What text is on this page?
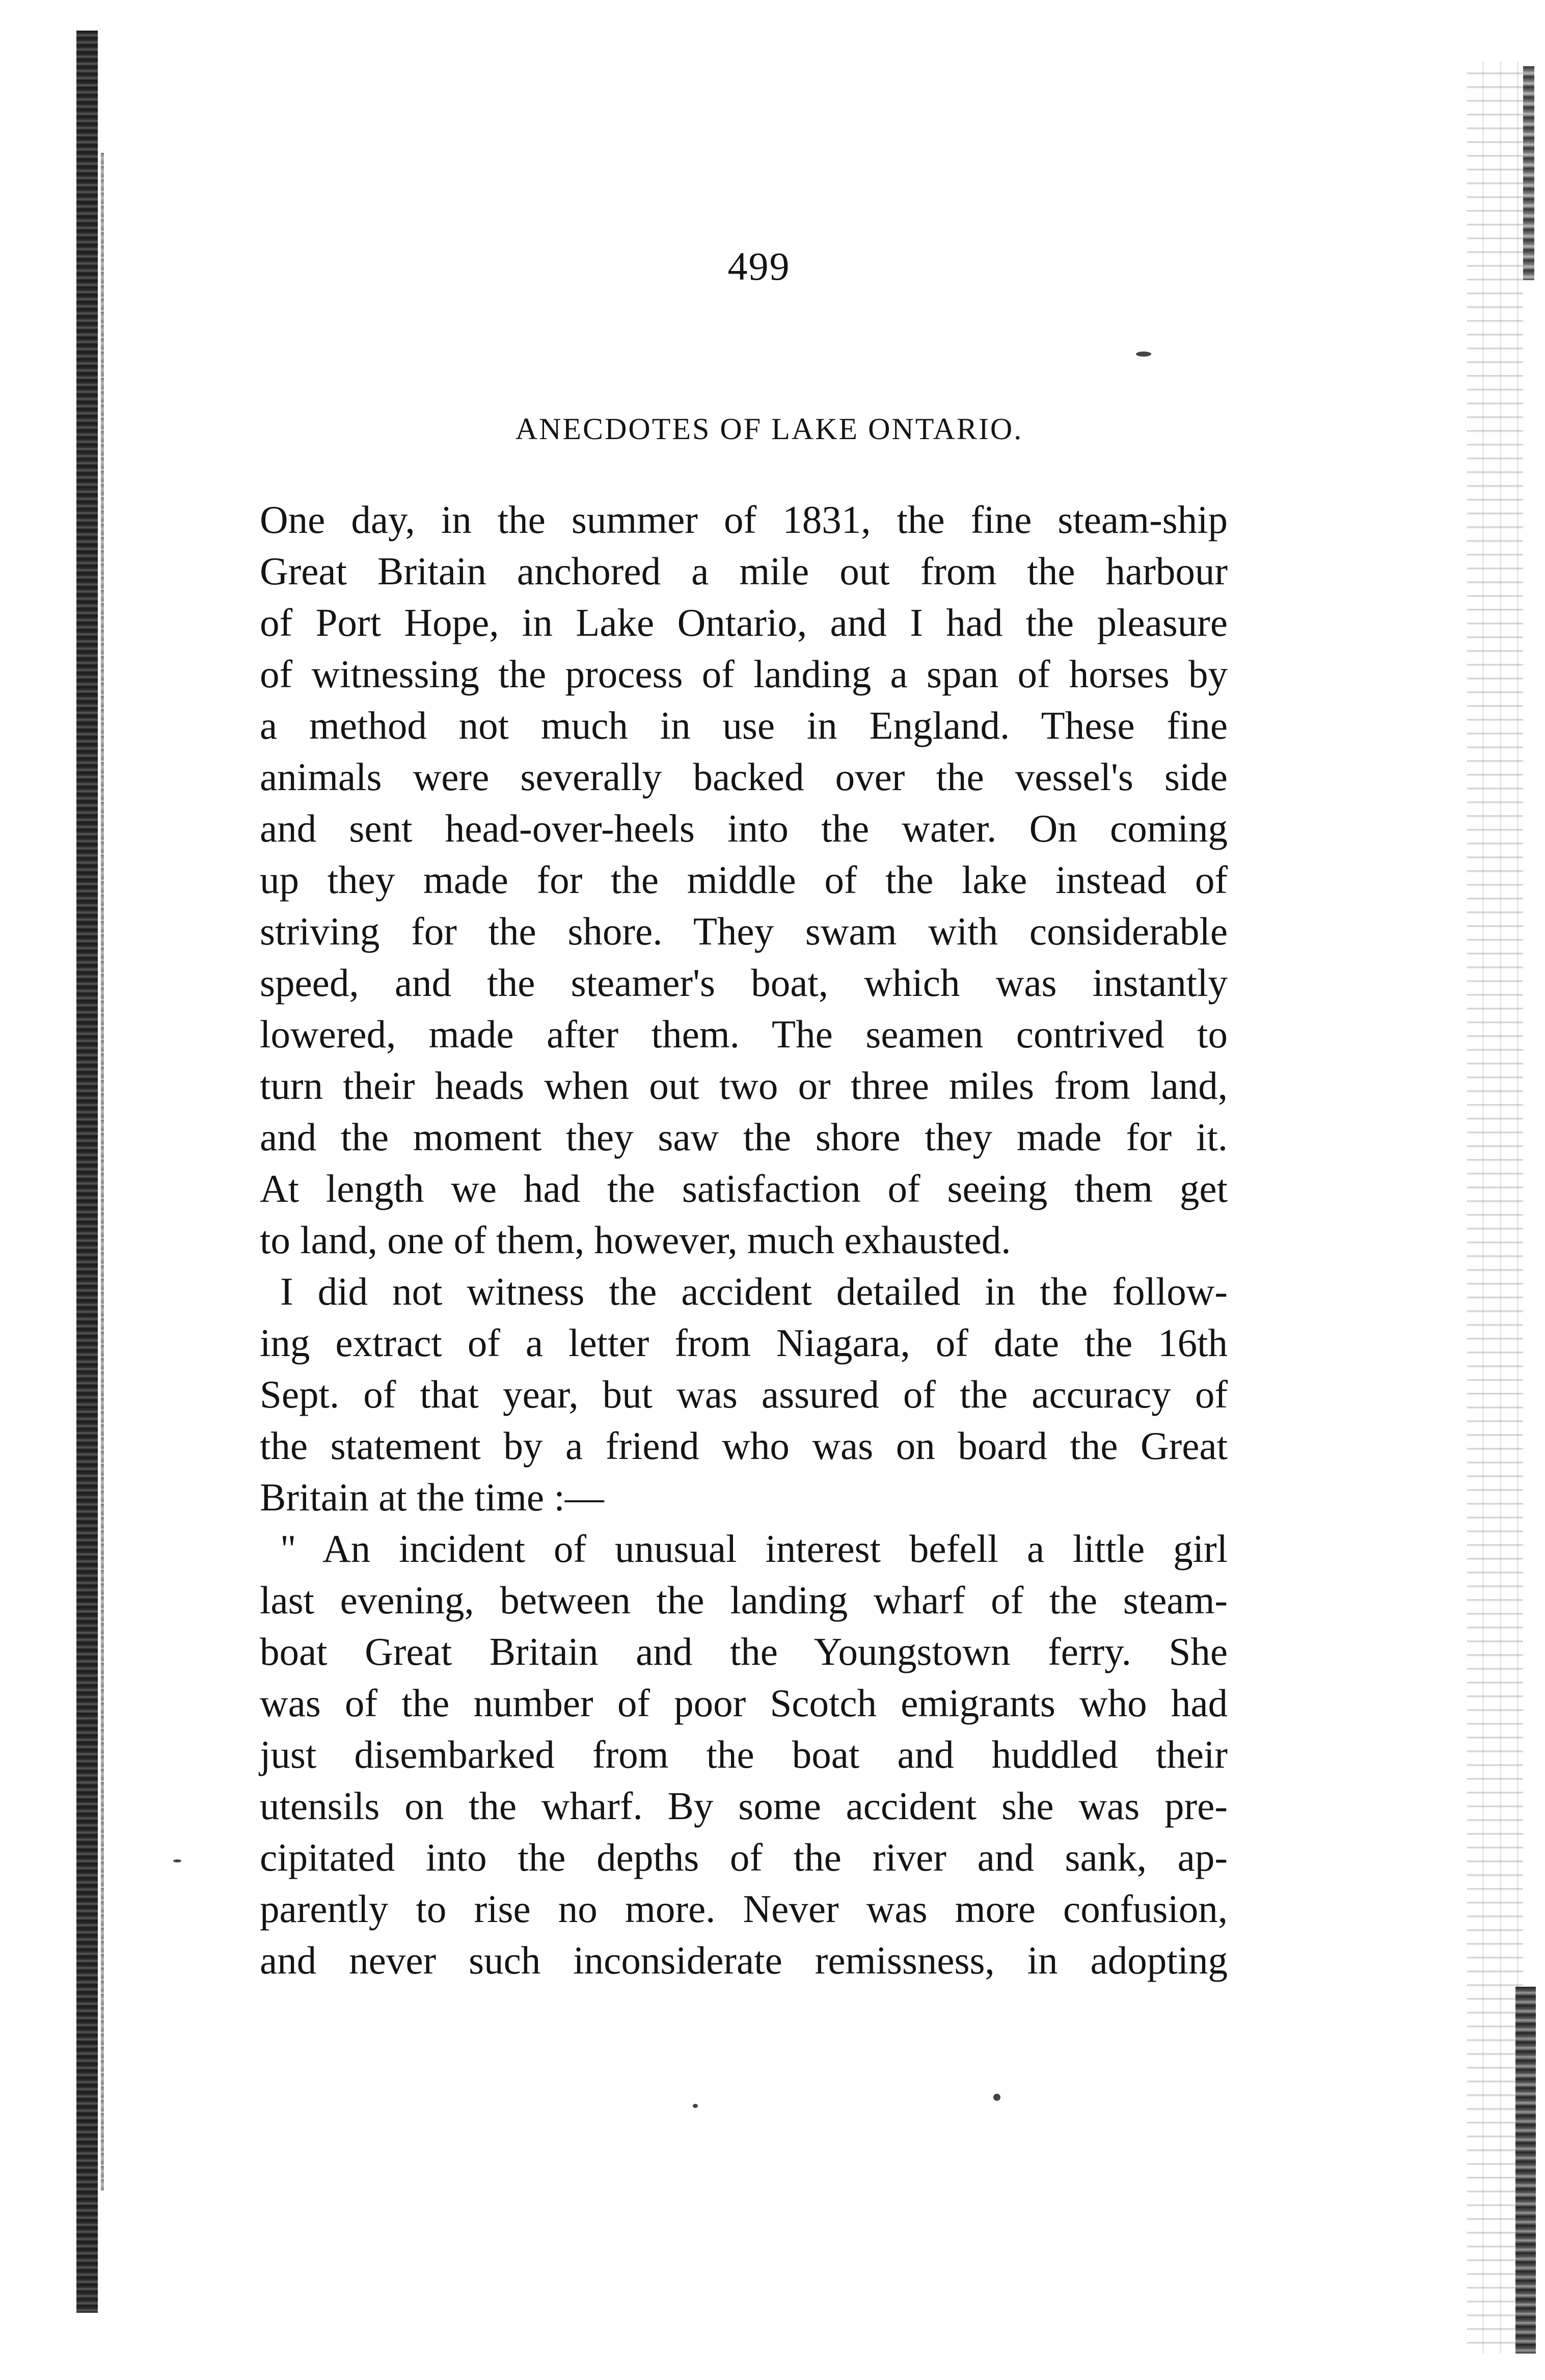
499
ANECDOTES OF LAKE ONTARIO.
One day, in the summer of 1831, the fine steam-ship
Great Britain anchored a mile out from the harbour
of Port Hope, in Lake Ontario, and I had the pleasure
of witnessing the process of landing a span of horses by
a method not much in use in England. These fine
animals were severally backed over the vessel's side
and sent head-over-heels into the water. On coming
up they made for the middle of the lake instead of
striving for the shore. They swam with considerable
speed, and the steamer's boat, which was instantly
lowered, made after them. The seamen contrived to
turn their heads when out two or three miles from land,
and the moment they saw the shore they made for it.
At length we had the satisfaction of seeing them get
to land, one of them, however, much exhausted.
I did not witness the accident detailed in the follow-
ing extract of a letter from Niagara, of date the 16th
Sept. of that year, but was assured of the accuracy of
the statement by a friend who was on board the Great
Britain at the time :—
" An incident of unusual interest befell a little girl
last evening, between the landing wharf of the steam-
boat Great Britain and the Youngstown ferry. She
was of the number of poor Scotch emigrants who had
just disembarked from the boat and huddled their
utensils on the wharf. By some accident she was pre-
cipitated into the depths of the river and sank, ap-
parently to rise no more. Never was more confusion,
and never such inconsiderate remissness, in adopting
